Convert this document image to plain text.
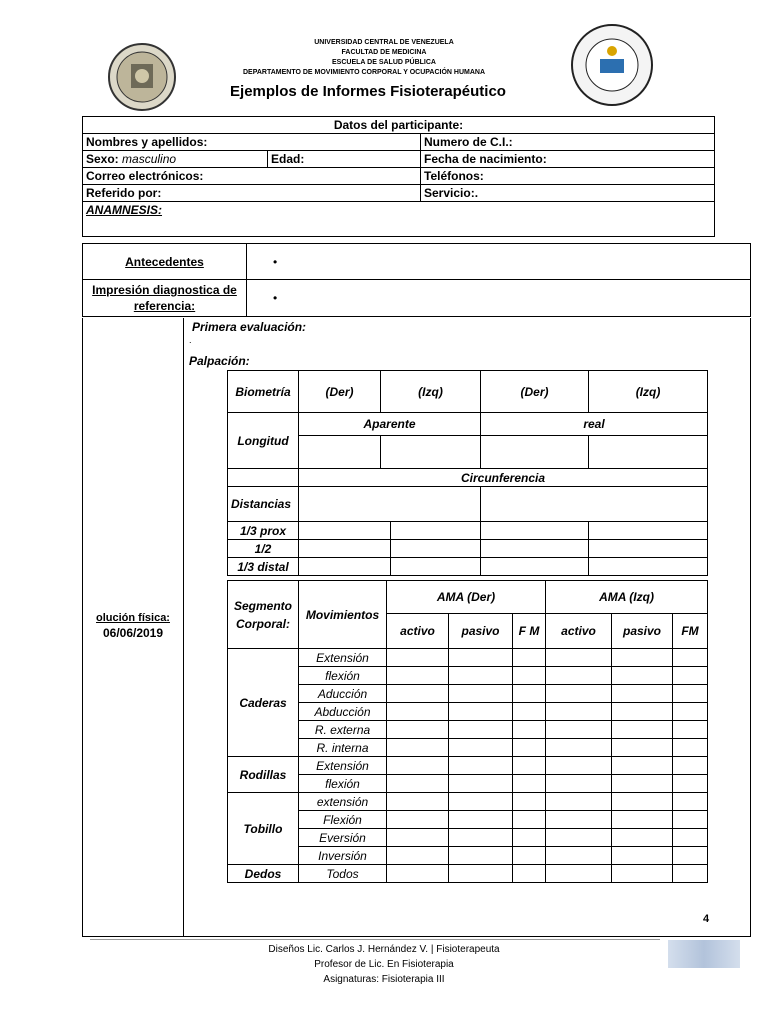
UNIVERSIDAD CENTRAL DE VENEZUELA
FACULTAD DE MEDICINA
ESCUELA DE SALUD PÚBLICA
DEPARTAMENTO DE MOVIMIENTO CORPORAL Y OCUPACIÓN HUMANA
Ejemplos de Informes Fisioterapéutico
Datos del participante:		
Nombres y apellidos:		Numero de C.I.:
Sexo: masculino	Edad:	Fecha de nacimiento:
Correo electrónicos:		Teléfonos:
Referido por:		Servicio:.
ANAMNESIS:		
Antecedentes	•
Impresión diagnostica de referencia:	•
olución física:
06/06/2019
Primera evaluación:
.
Palpación:
Biometría	(Der)	(Izq)		(Der)	(Izq)
Longitud	Aparente			real	

	Circunferencia				
Distancias					
1/3 prox					
1/2					
1/3 distal					
Segmento Corporal:	Movimientos	AMA (Der)			AMA (Izq)		
		activo	pasivo	F M	activo	pasivo	FM
Caderas	Extensión						
	flexión						
	Aducción						
	Abducción						
	R. externa						
	R. interna						
Rodillas	Extensión						
	flexión						
Tobillo	extensión						
	Flexión						
	Eversión						
	Inversión						
Dedos	Todos						
4
Diseños Lic. Carlos J. Hernández V. | Fisioterapeuta
Profesor de Lic. En Fisioterapia
Asignaturas: Fisioterapia III
